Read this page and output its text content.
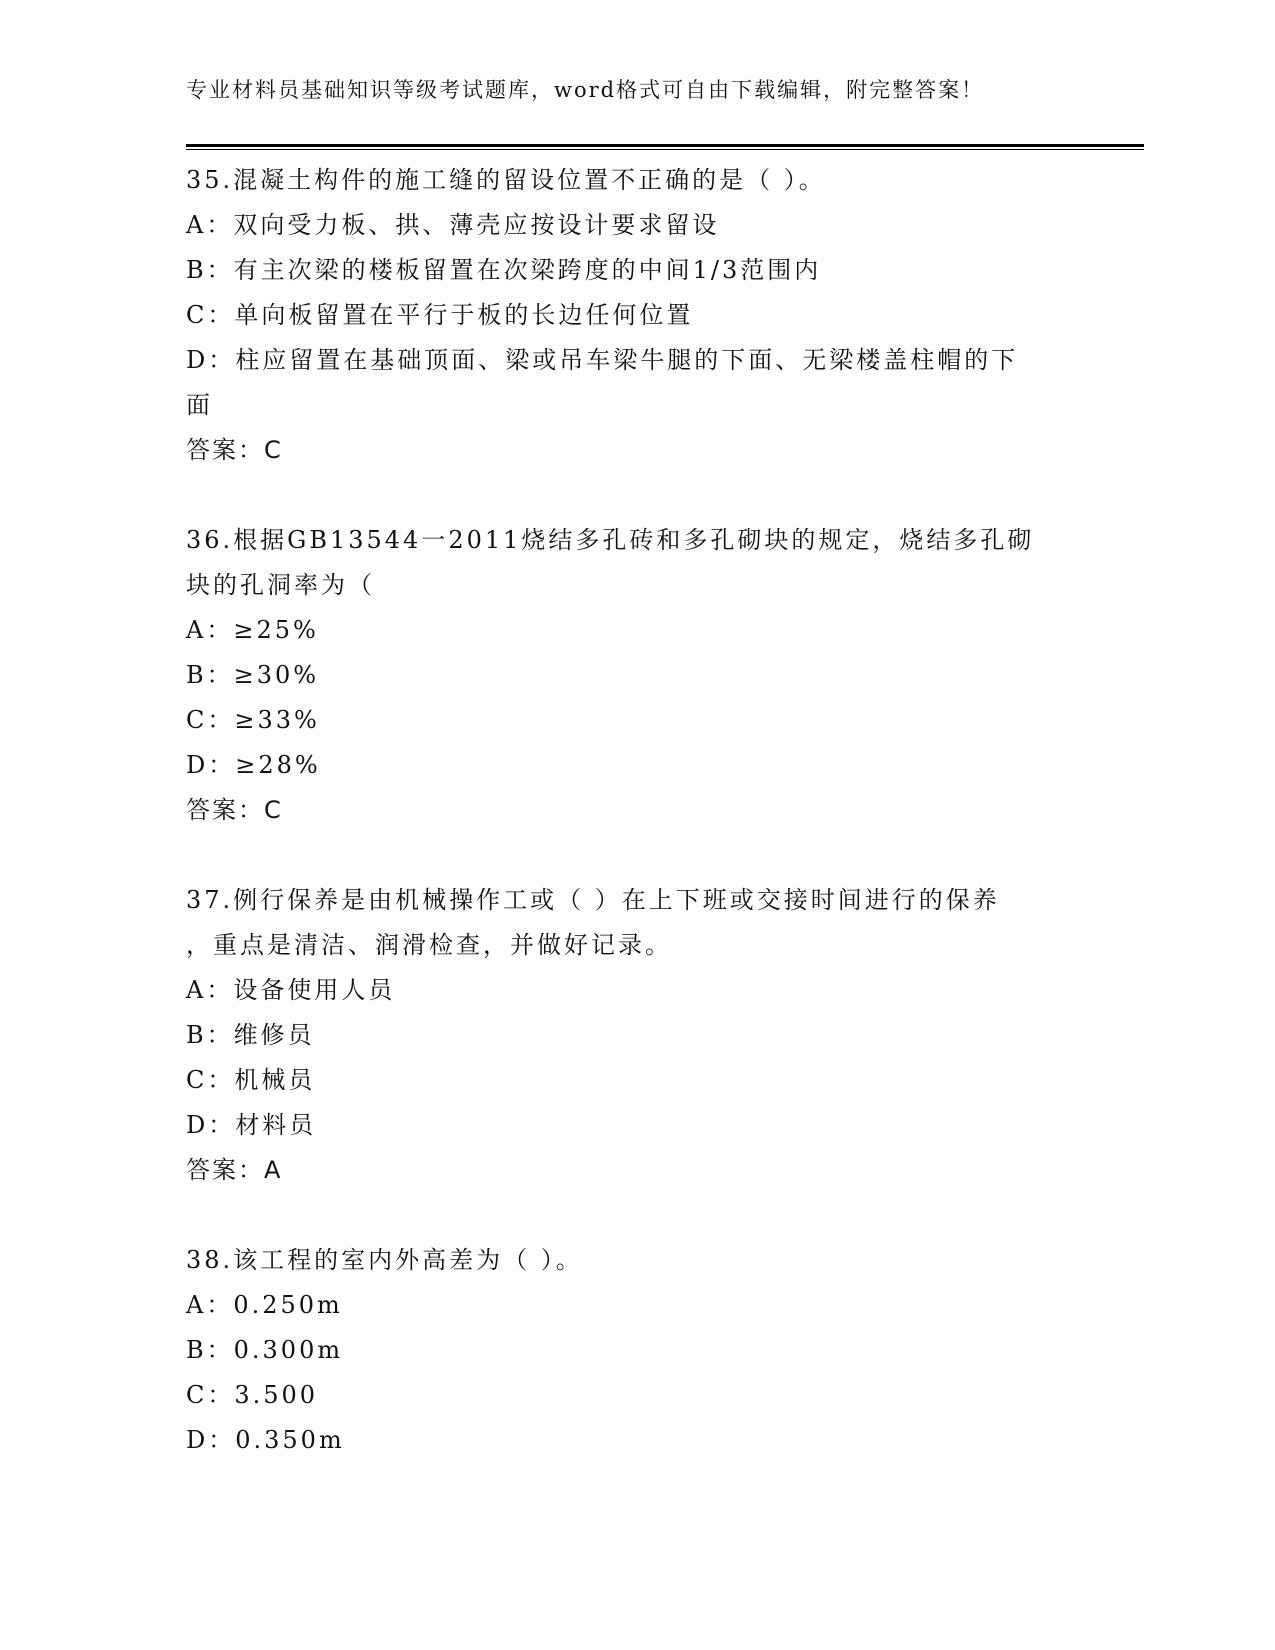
专业材料员基础知识等级考试题库，word格式可自由下载编辑，附完整答案！
35.混凝土构件的施工缝的留设位置不正确的是（ ）。
A：双向受力板、拱、薄壳应按设计要求留设
B：有主次梁的楼板留置在次梁跨度的中间1/3范围内
C：单向板留置在平行于板的长边任何位置
D：柱应留置在基础顶面、梁或吊车梁牛腿的下面、无梁楼盖柱帽的下
面
答案：C
36.根据GB13544一2011烧结多孔砖和多孔砌块的规定，烧结多孔砌
块的孔洞率为（
A：≥25%
B：≥30%
C：≥33%
D：≥28%
答案：C
37.例行保养是由机械操作工或（ ）在上下班或交接时间进行的保养
，重点是清洁、润滑检查，并做好记录。
A：设备使用人员
B：维修员
C：机械员
D：材料员
答案：A
38.该工程的室内外高差为（ ）。
A：0.250m
B：0.300m
C：3.500
D：0.350m
